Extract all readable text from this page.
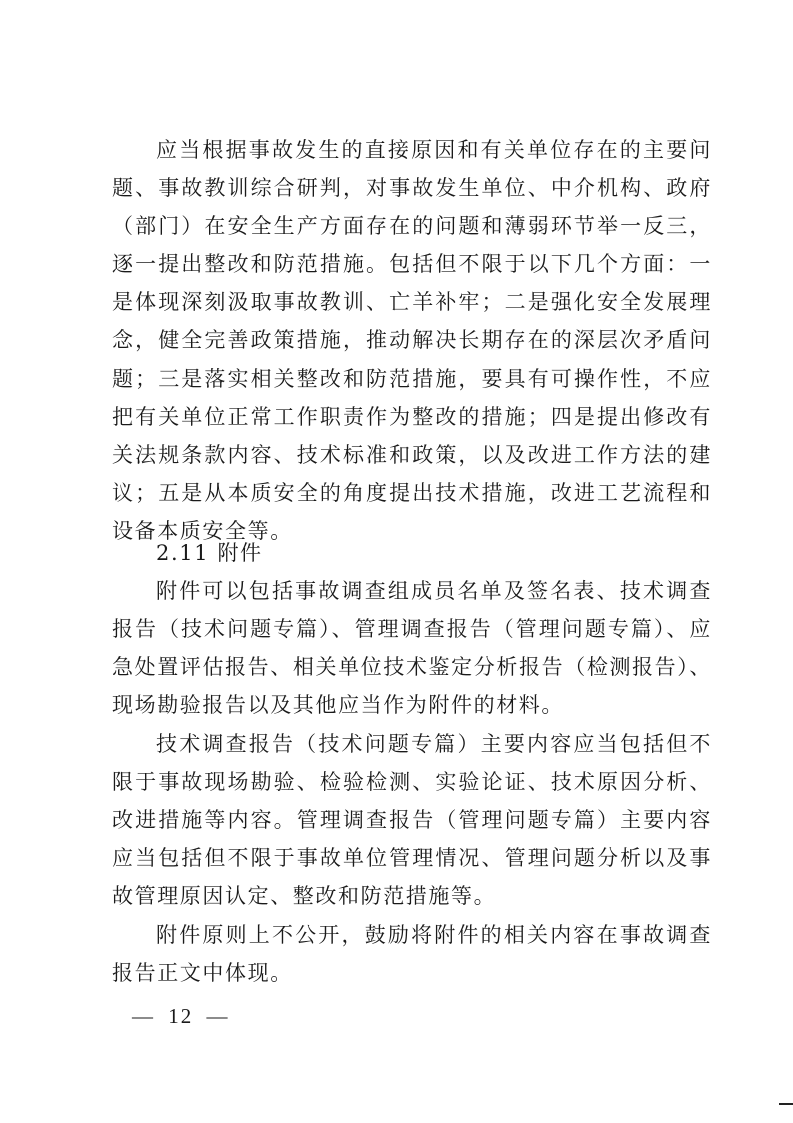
应当根据事故发生的直接原因和有关单位存在的主要问题、事故教训综合研判，对事故发生单位、中介机构、政府（部门）在安全生产方面存在的问题和薄弱环节举一反三，逐一提出整改和防范措施。包括但不限于以下几个方面：一是体现深刻汲取事故教训、亡羊补牢；二是强化安全发展理念，健全完善政策措施，推动解决长期存在的深层次矛盾问题；三是落实相关整改和防范措施，要具有可操作性，不应把有关单位正常工作职责作为整改的措施；四是提出修改有关法规条款内容、技术标准和政策，以及改进工作方法的建议；五是从本质安全的角度提出技术措施，改进工艺流程和设备本质安全等。

2.11 附件

附件可以包括事故调查组成员名单及签名表、技术调查报告（技术问题专篇）、管理调查报告（管理问题专篇）、应急处置评估报告、相关单位技术鉴定分析报告（检测报告）、现场勘验报告以及其他应当作为附件的材料。

技术调查报告（技术问题专篇）主要内容应当包括但不限于事故现场勘验、检验检测、实验论证、技术原因分析、改进措施等内容。管理调查报告（管理问题专篇）主要内容应当包括但不限于事故单位管理情况、管理问题分析以及事故管理原因认定、整改和防范措施等。

附件原则上不公开，鼓励将附件的相关内容在事故调查报告正文中体现。

— 12 —
